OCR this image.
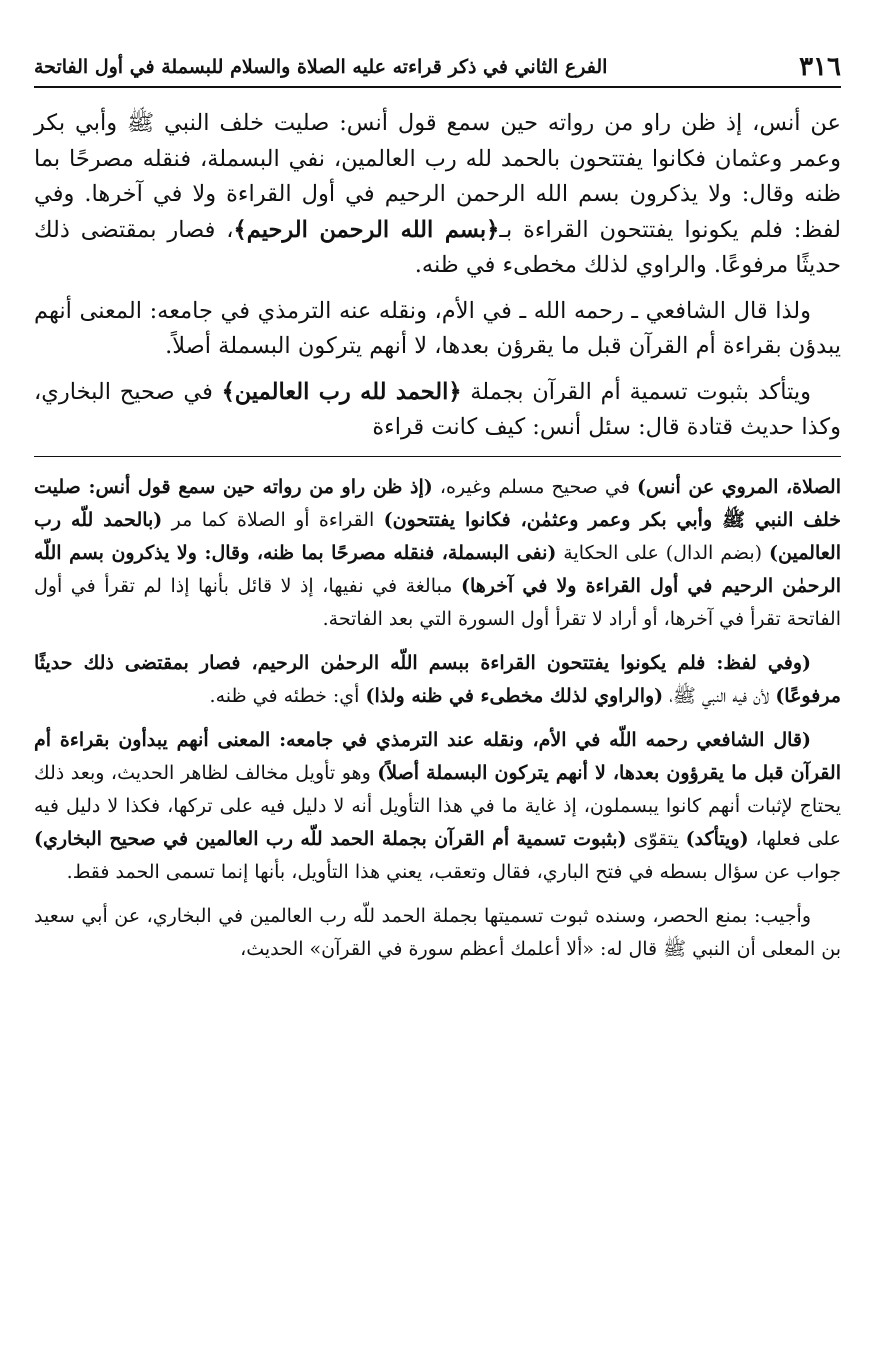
٣١٦
الفرع الثاني في ذكر قراءته عليه الصلاة والسلام للبسملة في أول الفاتحة

عن أنس، إذ ظن راو من رواته حين سمع قول أنس: صليت خلف النبي ﷺ وأبي بكر وعمر وعثمان فكانوا يفتتحون بالحمد لله رب العالمين، نفي البسملة، فنقله مصرحًا بما ظنه وقال: ولا يذكرون بسم الله الرحمن الرحيم في أول القراءة ولا في آخرها. وفي لفظ: فلم يكونوا يفتتحون القراءة بـ﴿بسم الله الرحمن الرحيم﴾، فصار بمقتضى ذلك حديثًا مرفوعًا. والراوي لذلك مخطىء في ظنه.

ولذا قال الشافعي ـ رحمه الله ـ في الأم، ونقله عنه الترمذي في جامعه: المعنى أنهم يبدؤن بقراءة أم القرآن قبل ما يقرؤن بعدها، لا أنهم يتركون البسملة أصلاً.

ويتأكد بثبوت تسمية أم القرآن بجملة ﴿الحمد لله رب العالمين﴾ في صحيح البخاري، وكذا حديث قتادة قال: سئل أنس: كيف كانت قراءة

الصلاة، المروي عن أنس) في صحيح مسلم وغيره، (إذ ظن راو من رواته حين سمع قول أنس: صليت خلف النبي ﷺ وأبي بكر وعمر وعثمٰن، فكانوا يفتتحون) القراءة أو الصلاة كما مر (بالحمد للّه رب العالمين) (بضم الدال) على الحكاية (نفى البسملة، فنقله مصرحًا بما ظنه، وقال: ولا يذكرون بسم اللّه الرحمٰن الرحيم في أول القراءة ولا في آخرها) مبالغة في نفيها، إذ لا قائل بأنها إذا لم تقرأ في أول الفاتحة تقرأ في آخرها، أو أراد لا تقرأ أول السورة التي بعد الفاتحة.

(وفي لفظ: فلم يكونوا يفتتحون القراءة ببسم اللّه الرحمٰن الرحيم، فصار بمقتضى ذلك حديثًا مرفوعًا) لأن فيه النبي ﷺ، (والراوي لذلك مخطىء في ظنه ولذا) أي: خطئه في ظنه.

(قال الشافعي رحمه اللّه في الأم، ونقله عند الترمذي في جامعه: المعنى أنهم يبدأون بقراءة أم القرآن قبل ما يقرؤون بعدها، لا أنهم يتركون البسملة أصلاً) وهو تأويل مخالف لظاهر الحديث، وبعد ذلك يحتاج لإثبات أنهم كانوا يبسملون، إذ غاية ما في هذا التأويل أنه لا دليل فيه على تركها، فكذا لا دليل فيه على فعلها، (ويتأكد) يتقوّى (بثبوت تسمية أم القرآن بجملة الحمد للّه رب العالمين في صحيح البخاري) جواب عن سؤال بسطه في فتح الباري، فقال وتعقب، يعني هذا التأويل، بأنها إنما تسمى الحمد فقط.

وأجيب: بمنع الحصر، وسنده ثبوت تسميتها بجملة الحمد للّه رب العالمين في البخاري، عن أبي سعيد بن المعلى أن النبي ﷺ قال له: «ألا أعلمك أعظم سورة في القرآن» الحديث،
